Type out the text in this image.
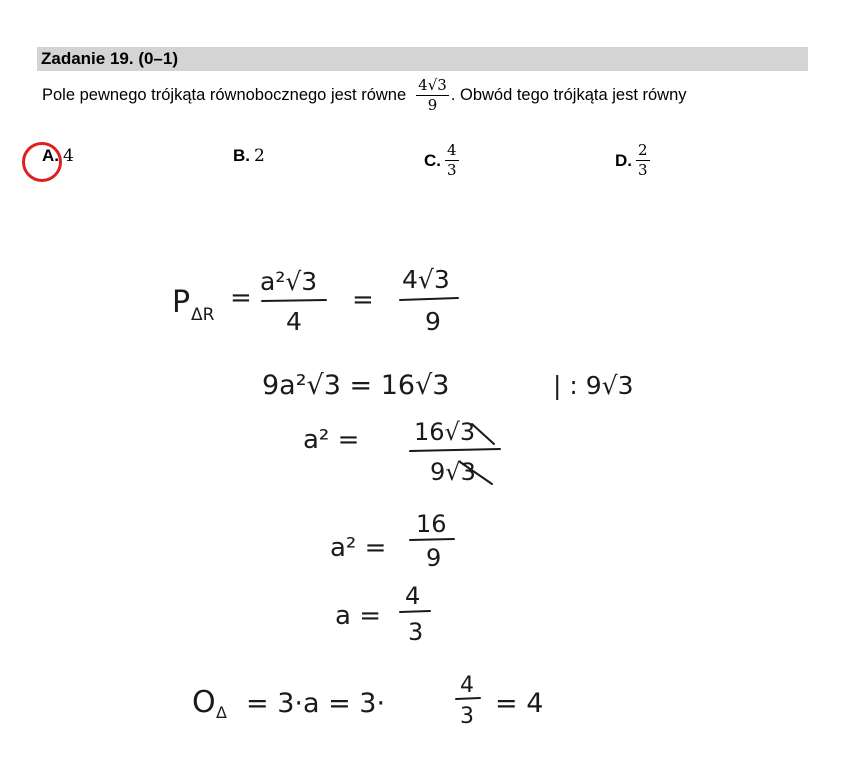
Zadanie 19. (0–1)
Pole pewnego trójkąta równobocznego jest równe $\frac{4√3}{9}$ . Obwód tego trójkąta jest równy
A. 4	B. 2	C. $\frac{4}{3}$	D. $\frac{2}{3}$
P ΔR
=
a²√3
4
=
4√3
9
9a²√3 = 16√3	| : 9√3
a² = 16√3
9√3
a² =
16
9
a =
4
3
O Δ = 3·a = 3·
4
3 = 4
